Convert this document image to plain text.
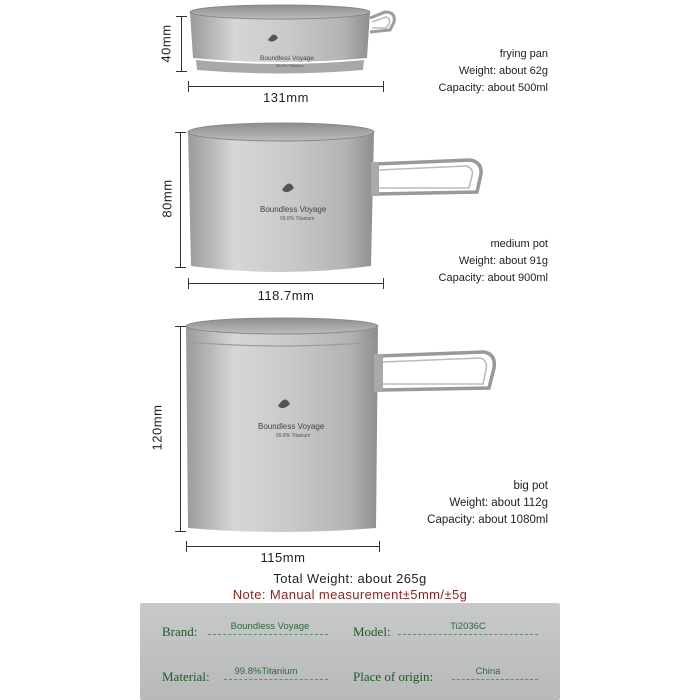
Boundless Voyage
99.8% Titanium
40mm
131mm
frying pan
Weight: about 62g
Capacity: about 500ml
Boundless Voyage
99.8% Titanium
80mm
118.7mm
medium pot
Weight: about 91g
Capacity: about 900ml
Boundless Voyage
99.8% Titanium
120mm
115mm
big pot
Weight: about 112g
Capacity: about 1080ml
Total Weight: about 265g
Note: Manual measurement±5mm/±5g
Brand:	Boundless Voyage	Model:	Ti2036C
Material:	99.8%Titanium	Place of origin:	China
